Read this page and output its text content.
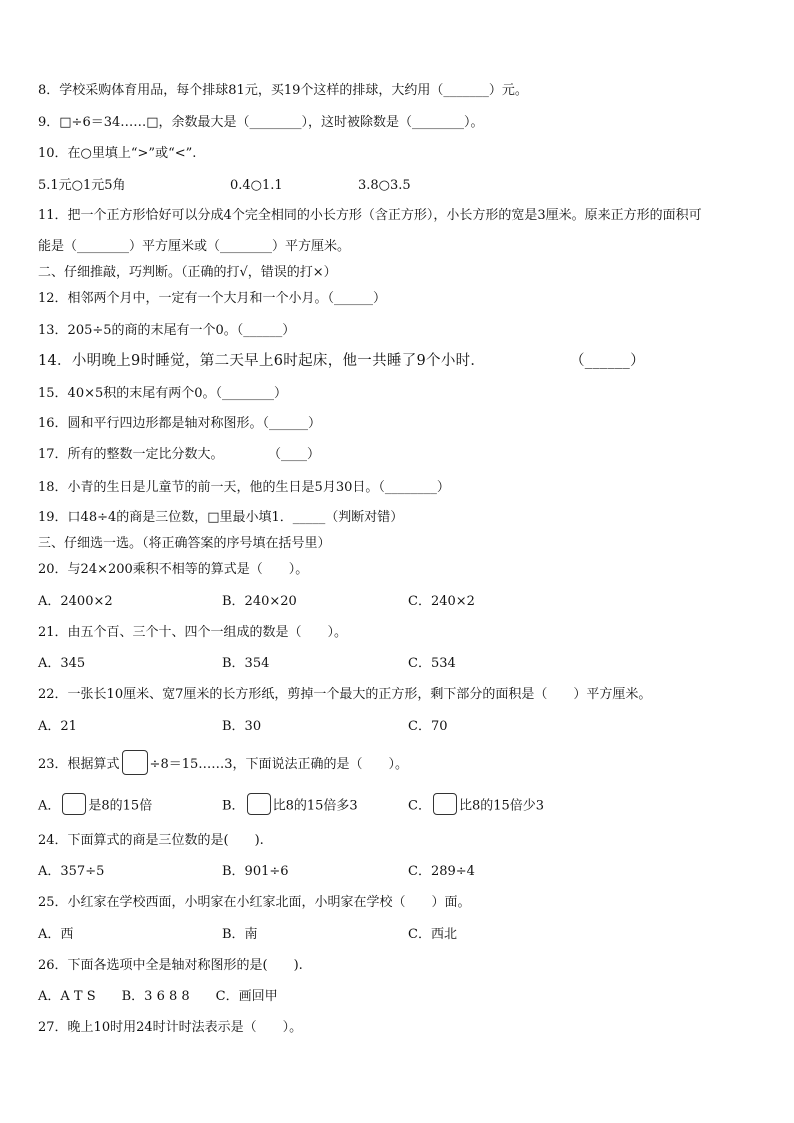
8．学校采购体育用品，每个排球81元，买19个这样的排球，大约用（_______）元。
9．□÷6＝34……□，余数最大是（________），这时被除数是（________）。
10．在○里填上“>”或“<”.
5.1元○1元5角	0.4○1.1	3.8○3.5
11．把一个正方形恰好可以分成4个完全相同的小长方形（含正方形），小长方形的宽是3厘米。原来正方形的面积可
能是（________）平方厘米或（________）平方厘米。
二、仔细推敲，巧判断。（正确的打√，错误的打×）
12．相邻两个月中，一定有一个大月和一个小月。（______）
13．205÷5的商的末尾有一个0。（______）
14．小明晚上9时睡觉，第二天早上6时起床，他一共睡了9个小时．	（______）
15．40×5积的末尾有两个0。（________）
16．圆和平行四边形都是轴对称图形。（______）
17．所有的整数一定比分数大。	（____）
18．小青的生日是儿童节的前一天，他的生日是5月30日。（________）
19．口48÷4的商是三位数，□里最小填1．_____（判断对错）
三、仔细选一选。（将正确答案的序号填在括号里）
20．与24×200乘积不相等的算式是（　　）。
A．2400×2	B．240×20	C．240×2
21．由五个百、三个十、四个一组成的数是（　　）。
A．345	B．354	C．534
22．一张长10厘米、宽7厘米的长方形纸，剪掉一个最大的正方形，剩下部分的面积是（　　）平方厘米。
A．21	B．30	C．70
23．根据算式 ÷8＝15……3，下面说法正确的是（　　）。
A． 是8的15倍	B． 比8的15倍多3	C． 比8的15倍少3
24．下面算式的商是三位数的是(　　).
A．357÷5	B．901÷6	C．289÷4
25．小红家在学校西面，小明家在小红家北面，小明家在学校（　　）面。
A．西	B．南	C．西北
26．下面各选项中全是轴对称图形的是(　　).
A．A T S　　B．3 6 8 8　　C．画回甲
27．晚上10时用24时计时法表示是（　　）。
